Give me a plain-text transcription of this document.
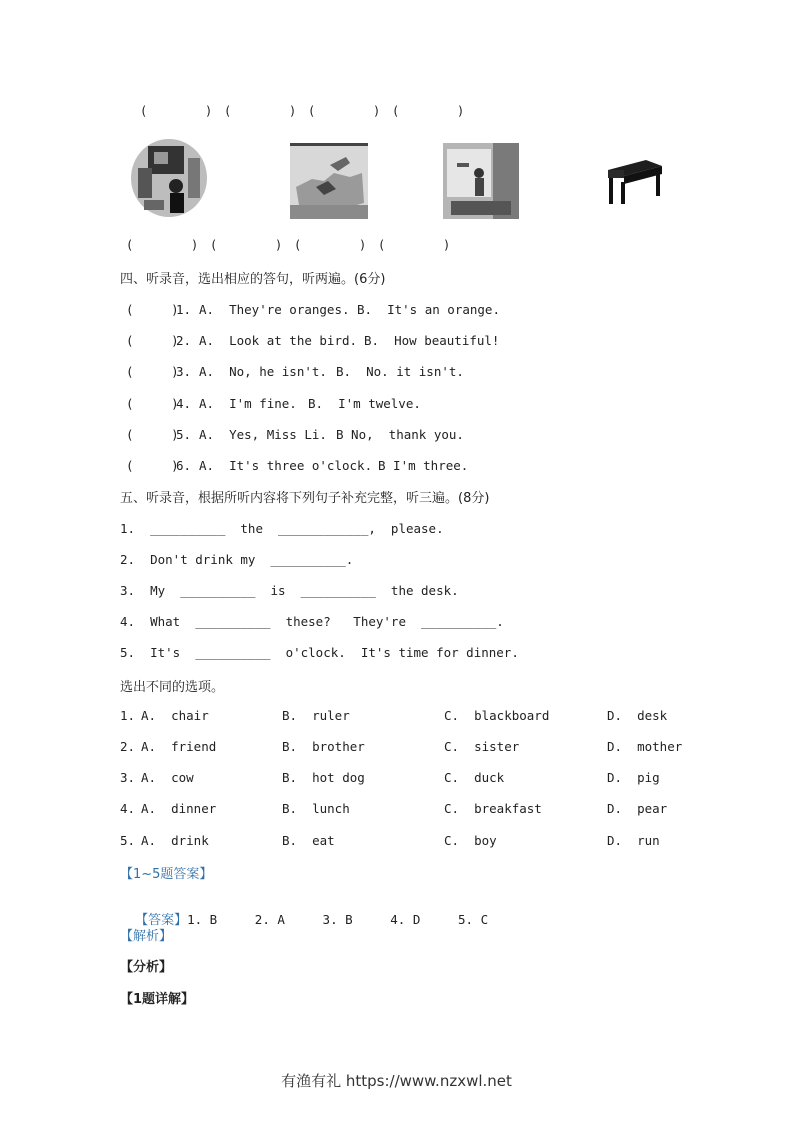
(        ) (        ) (        ) (        )
(        ) (        ) (        ) (        )
四、听录音，选出相应的答句，听两遍。(6分)
(     )
1. A.  They're oranges. B.  It's an orange.
(     )
2. A.  Look at the bird. B.  How beautiful!
(     )
3. A.  No, he isn't. B.  No. it isn't.
(     )
4. A.  I'm fine. B.  I'm twelve.
(     )
5. A.  Yes, Miss Li. B No,  thank you.
(     )
6. A.  It's three o'clock. B I'm three.
五、听录音，根据所听内容将下列句子补充完整，听三遍。(8分)
1.  __________  the  ____________,  please.
2.  Don't drink my  __________.
3.  My  __________  is  __________  the desk.
4.  What  __________  these?   They're  __________.
5.  It's  __________  o'clock.  It's time for dinner.
选出不同的选项。
1. A.  chair	B.  ruler	C.  blackboard	D.  desk
2. A.  friend	B.  brother	C.  sister	D.  mother
3. A.  cow	B.  hot dog	C.  duck	D.  pig
4. A.  dinner	B.  lunch	C.  breakfast	D.  pear
5. A.  drink	B.  eat	C.  boy	D.  run
【1~5题答案】

【答案】1. B     2. A     3. B     4. D     5. C

【解析】
【分析】
【1题详解】
有渔有礼 https://www.nzxwl.net
